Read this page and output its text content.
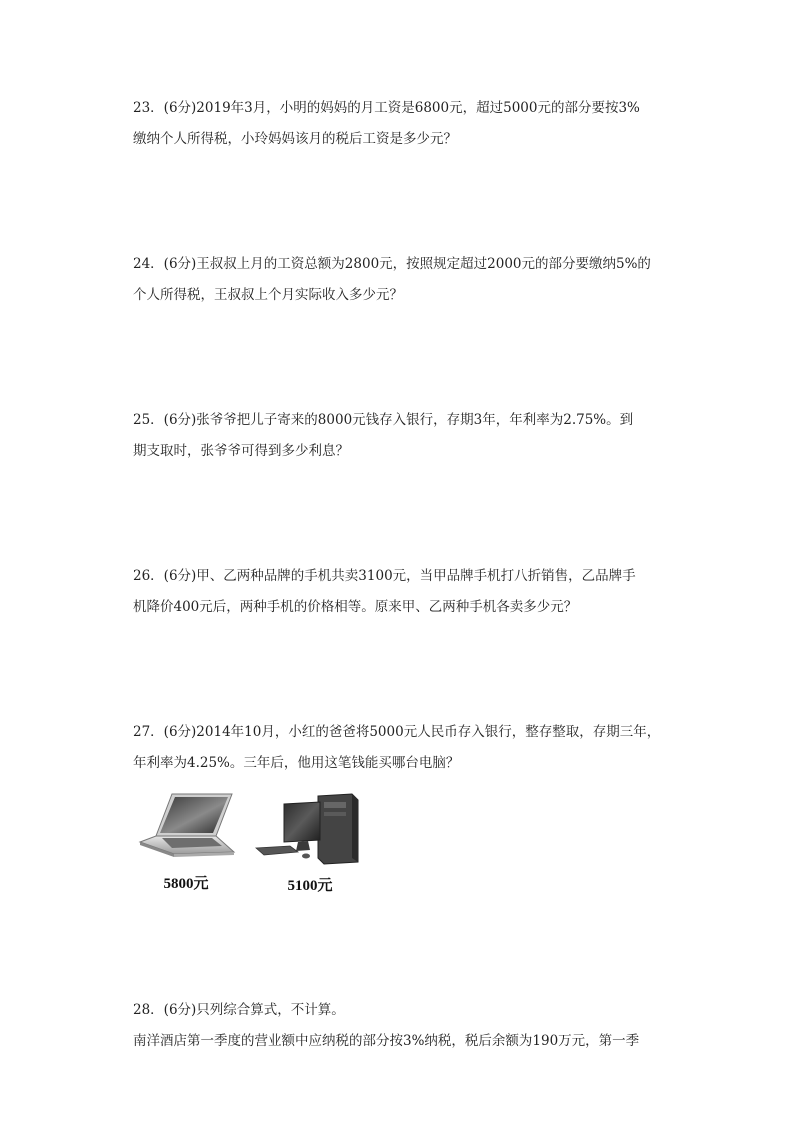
23．(6分)2019年3月，小明的妈妈的月工资是6800元，超过5000元的部分要按3%

缴纳个人所得税，小玲妈妈该月的税后工资是多少元？

24．(6分)王叔叔上月的工资总额为2800元，按照规定超过2000元的部分要缴纳5%的

个人所得税，王叔叔上个月实际收入多少元？

25．(6分)张爷爷把儿子寄来的8000元钱存入银行，存期3年，年利率为2.75%。到

期支取时，张爷爷可得到多少利息？

26．(6分)甲、乙两种品牌的手机共卖3100元，当甲品牌手机打八折销售，乙品牌手

机降价400元后，两种手机的价格相等。原来甲、乙两种手机各卖多少元？

27．(6分)2014年10月，小红的爸爸将5000元人民币存入银行，整存整取，存期三年，

年利率为4.25%。三年后，他用这笔钱能买哪台电脑？

5800元	5100元

28．(6分)只列综合算式，不计算。

南洋酒店第一季度的营业额中应纳税的部分按3%纳税，税后余额为190万元，第一季
